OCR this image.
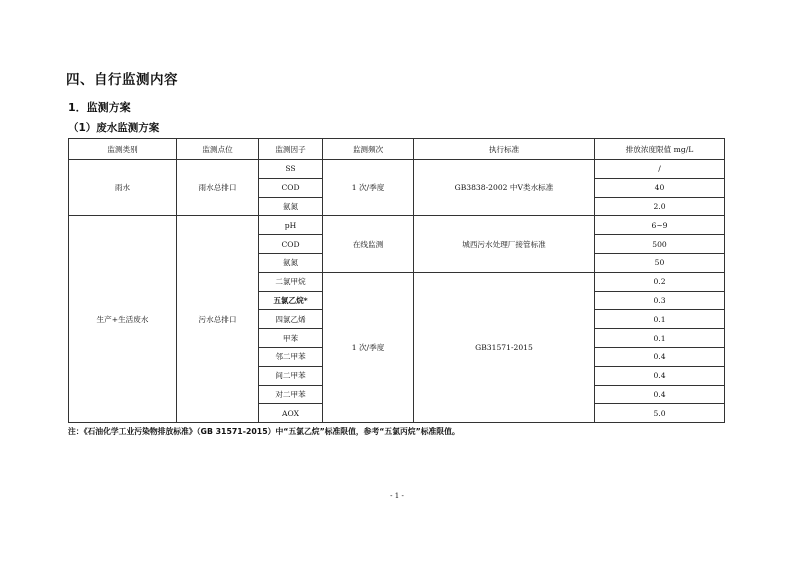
四、自行监测内容
1．监测方案
（1）废水监测方案
监测类别	监测点位	监测因子	监测频次	执行标准	排放浓度限值 mg/L
雨水	雨水总排口	SS	1 次/季度	GB3838-2002 中Ⅴ类水标准	/
		COD			40
		氨氮			2.0
生产+生活废水	污水总排口	pH	在线监测	城西污水处理厂接管标准	6~9
		COD			500
		氨氮			50
		二氯甲烷	1 次/季度	GB31571-2015	0.2
		五氯乙烷*			0.3
		四氯乙烯			0.1
		甲苯			0.1
		邻二甲苯			0.4
		间二甲苯			0.4
		对二甲苯			0.4
		AOX			5.0
注：《石油化学工业污染物排放标准》（GB 31571-2015）中“五氯乙烷”标准限值，参考“五氯丙烷”标准限值。
- 1 -
